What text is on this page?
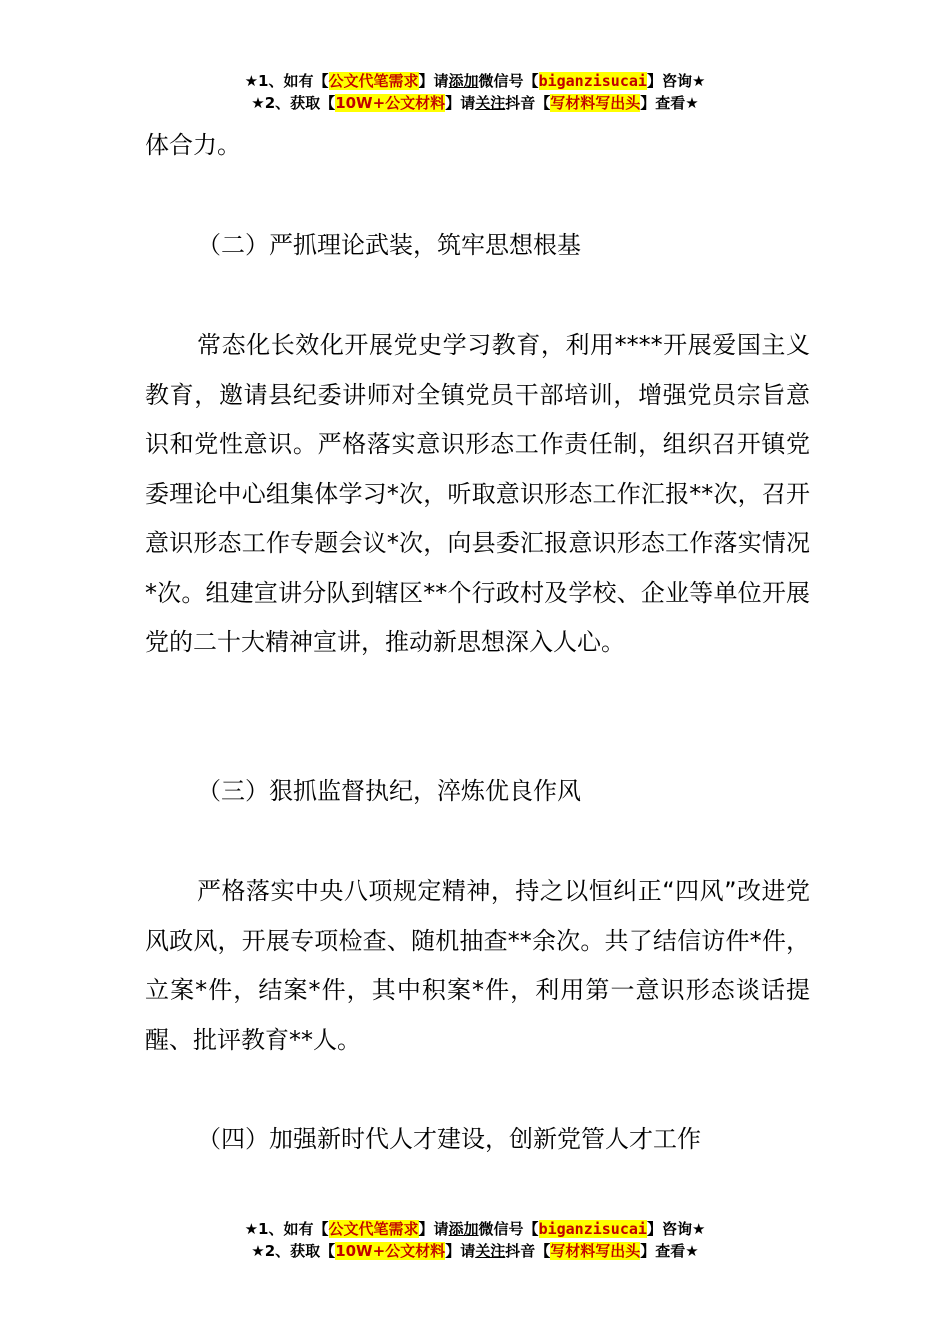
★1、如有【公文代笔需求】请添加微信号【biganzisucai】咨询★
★2、获取【10W+公文材料】请关注抖音【写材料写出头】查看★

体合力。

（二）严抓理论武装，筑牢思想根基

常态化长效化开展党史学习教育，利用****开展爱国主义教育，邀请县纪委讲师对全镇党员干部培训，增强党员宗旨意识和党性意识。严格落实意识形态工作责任制，组织召开镇党委理论中心组集体学习*次，听取意识形态工作汇报**次，召开意识形态工作专题会议*次，向县委汇报意识形态工作落实情况*次。组建宣讲分队到辖区**个行政村及学校、企业等单位开展党的二十大精神宣讲，推动新思想深入人心。

（三）狠抓监督执纪，淬炼优良作风

严格落实中央八项规定精神，持之以恒纠正“四风”改进党风政风，开展专项检查、随机抽查**余次。共了结信访件*件，立案*件，结案*件，其中积案*件，利用第一意识形态谈话提醒、批评教育**人。

（四）加强新时代人才建设，创新党管人才工作

★1、如有【公文代笔需求】请添加微信号【biganzisucai】咨询★
★2、获取【10W+公文材料】请关注抖音【写材料写出头】查看★
